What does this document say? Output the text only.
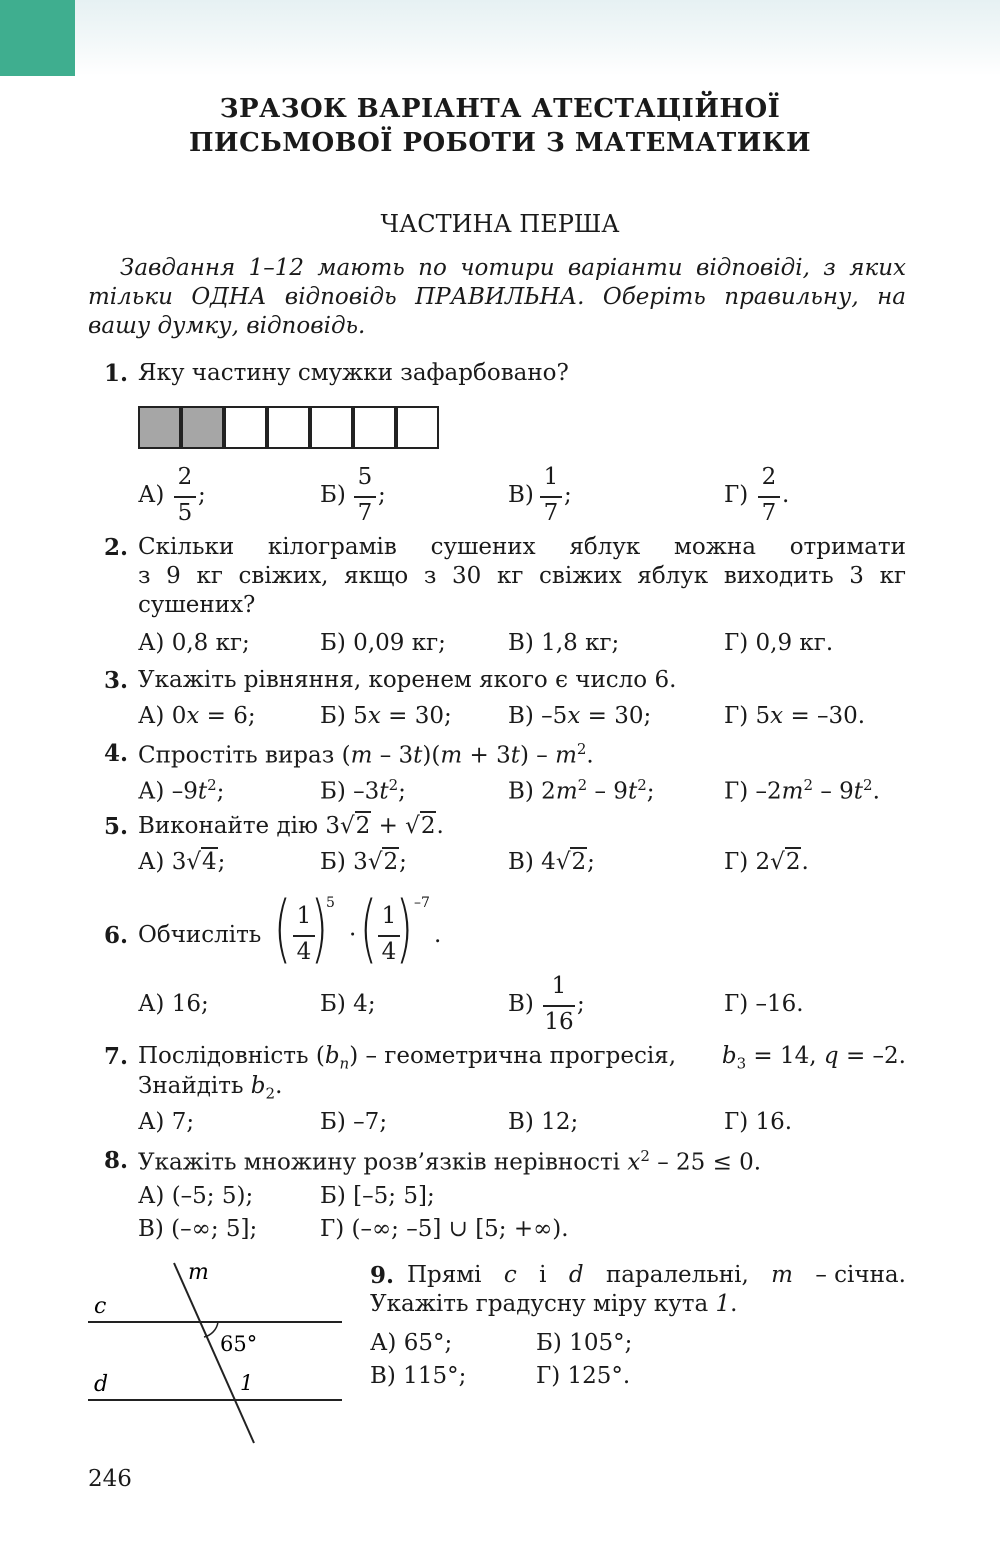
ЗРАЗОК ВАРІАНТА АТЕСТАЦІЙНОЇ
ПИСЬМОВОЇ РОБОТИ З МАТЕМАТИКИ
ЧАСТИНА ПЕРША
Завдання 1–12 мають по чотири варіанти відповіді, з яких
тільки ОДНА відповідь ПРАВИЛЬНА. Оберіть правильну, на
вашу думку, відповідь.
1. Яку частину смужки зафарбовано?
А)
2
5
;	Б)
5
7
;	В)
1
7
;	Г)
2
7
.
2. Скільки кілограмів сушених яблук можна отримати
з 9 кг свіжих, якщо з 30 кг свіжих яблук виходить 3 кг
сушених?
А) 0,8 кг;	Б) 0,09 кг;	В) 1,8 кг;	Г) 0,9 кг.
3. Укажіть рівняння, коренем якого є число 6.
А) 0x = 6;	Б) 5x = 30; В) –5x = 30;	Г) 5x = –30.
4. Спростіть вираз $(m - 3t)(m + 3t) - m^2$.
А) $-9t^2$;	Б) $-3t^2$;	В) $2m^2 - 9t^2$;	Г) $-2m^2 - 9t^2$.
5. Виконайте дію 3√2 + √2.
А) 3√4;	Б) 3√2;	В) 4√2;	Г) 2√2.
6. Обчисліть ( 1
4 )
5
· ( 1
4 ) –7
.
А) 16;	Б) 4;	В)
1
16
;	Г) –16.
7. Послідовність $(b_n)$ – геометрична прогресія, $b_3 = 14$, q = –2.
Знайдіть $b_2$.
А) 7;	Б) –7;	В) 12;	Г) 16.
8. Укажіть множину розв’язків нерівності $x^2 - 25 \le 0$.
А) (–5; 5);	Б) [–5; 5];
В) (–∞; 5];	Г) (–∞; –5] ∪ [5; +∞).
m
c
d
65°
1
9. Прямі c і d паралельні, m – січна.
Укажіть градусну міру кута 1.
А) 65°;	Б) 105°;
В) 115°;	Г) 125°.
246
